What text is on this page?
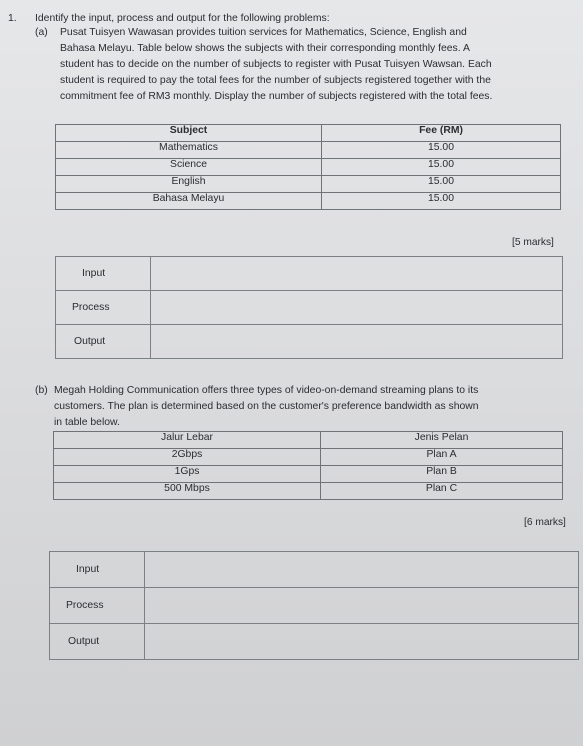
1. Identify the input, process and output for the following problems:
(a) Pusat Tuisyen Wawasan provides tuition services for Mathematics, Science, English and
Bahasa Melayu. Table below shows the subjects with their corresponding monthly fees. A
student has to decide on the number of subjects to register with Pusat Tuisyen Wawsan. Each
student is required to pay the total fees for the number of subjects registered together with the
commitment fee of RM3 monthly. Display the number of subjects registered with the total fees.
Subject	Fee (RM)
Mathematics	15.00
Science	15.00
English	15.00
Bahasa Melayu	15.00
[5 marks]
Input	
Process	
Output	
(b) Megah Holding Communication offers three types of video-on-demand streaming plans to its
customers. The plan is determined based on the customer's preference bandwidth as shown
in table below.
Jalur Lebar	Jenis Pelan
2Gbps	Plan A
1Gps	Plan B
500 Mbps	Plan C
[6 marks]
Input	
Process	
Output	
